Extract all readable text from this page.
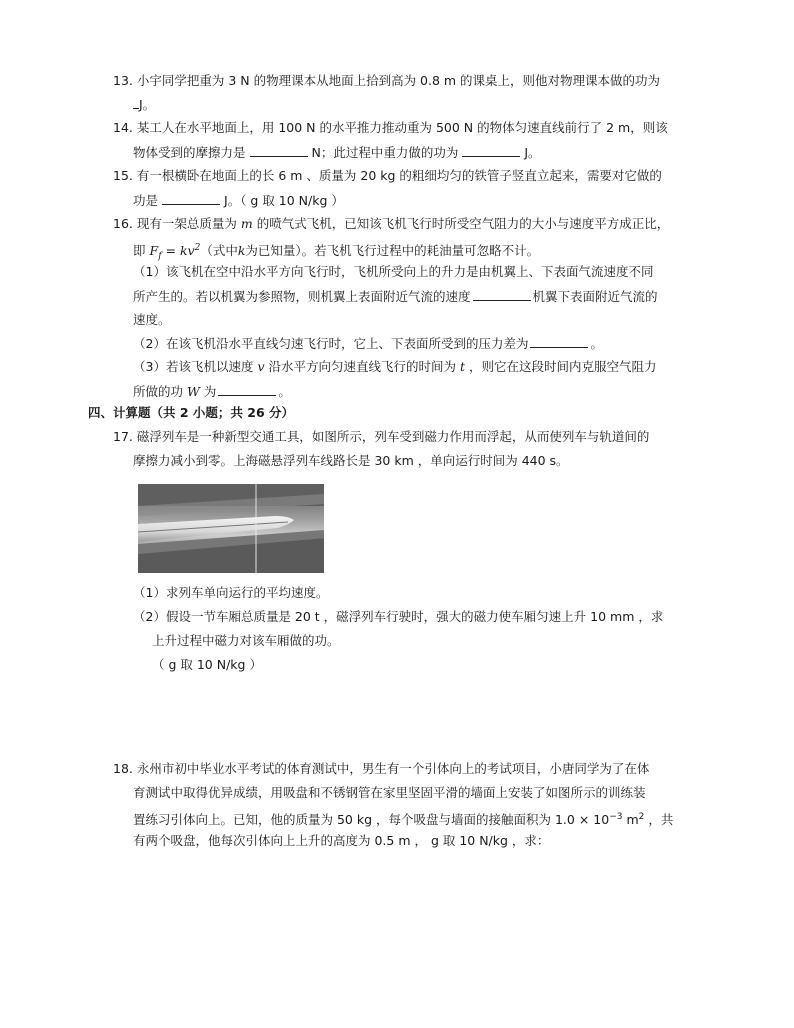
13. 小宇同学把重为 3 N 的物理课本从地面上拾到高为 0.8 m 的课桌上，则他对物理课本做的功为
J。
14. 某工人在水平地面上，用 100 N 的水平推力推动重为 500 N 的物体匀速直线前行了 2 m，则该
物体受到的摩擦力是	N；此过程中重力做的功为	J。
15. 有一根横卧在地面上的长 6 m 、质量为 20 kg 的粗细均匀的铁管子竖直立起来，需要对它做的
功是	J。（ g 取 10 N/kg ）
16. 现有一架总质量为 m 的喷气式飞机，已知该飞机飞行时所受空气阻力的大小与速度平方成正比，
即 $F_f = kv^2$（式中k为已知量）。若飞机飞行过程中的耗油量可忽略不计。
（1）该飞机在空中沿水平方向飞行时，飞机所受向上的升力是由机翼上、下表面气流速度不同
所产生的。若以机翼为参照物，则机翼上表面附近气流的速度	机翼下表面附近气流的
速度。
（2）在该飞机沿水平直线匀速飞行时，它上、下表面所受到的压力差为	。
（3）若该飞机以速度 v 沿水平方向匀速直线飞行的时间为 t ，则它在这段时间内克服空气阻力
所做的功 W 为	。
四、计算题（共 2 小题；共 26 分）
17. 磁浮列车是一种新型交通工具，如图所示，列车受到磁力作用而浮起，从而使列车与轨道间的
摩擦力减小到零。上海磁悬浮列车线路长是 30 km ，单向运行时间为 440 s。
（1）求列车单向运行的平均速度。
（2）假设一节车厢总质量是 20 t ，磁浮列车行驶时，强大的磁力使车厢匀速上升 10 mm ，求
上升过程中磁力对该车厢做的功。
（ g 取 10 N/kg ）
18. 永州市初中毕业水平考试的体育测试中，男生有一个引体向上的考试项目，小唐同学为了在体
育测试中取得优异成绩，用吸盘和不锈钢管在家里坚固平滑的墙面上安装了如图所示的训练装
置练习引体向上。已知，他的质量为 50 kg ，每个吸盘与墙面的接触面积为 $1.0 \times 10^{-3}$ $m^2$ ，共
有两个吸盘，他每次引体向上上升的高度为 0.5 m ， g 取 10 N/kg ，求：
